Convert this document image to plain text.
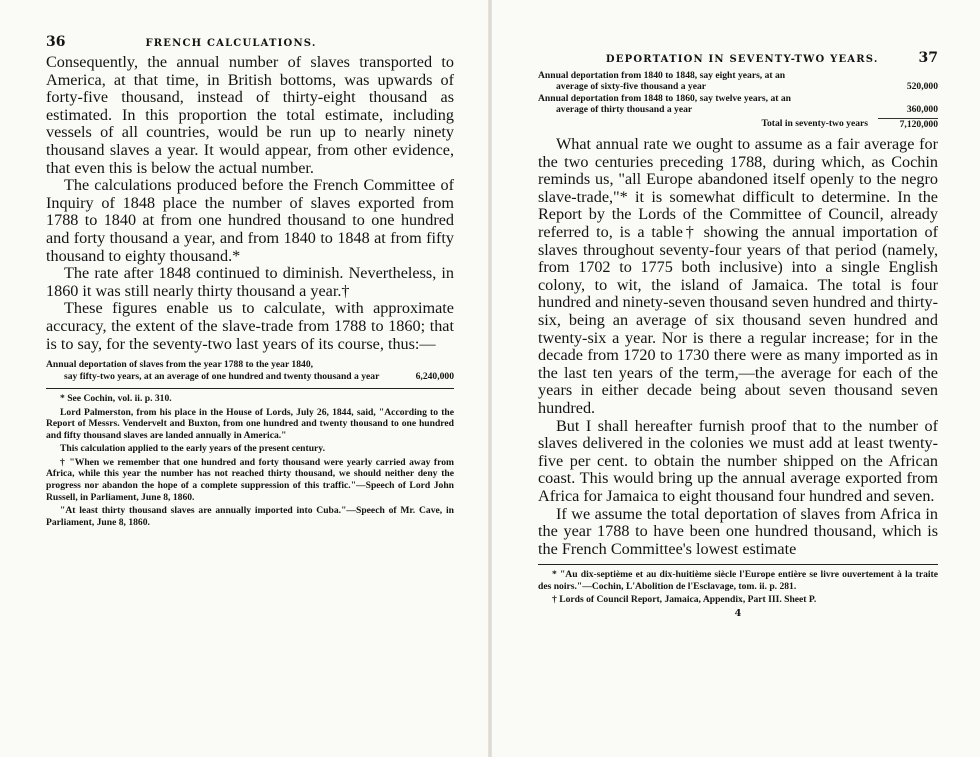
36	FRENCH CALCULATIONS.

Consequently, the annual number of slaves transported to America, at that time, in British bottoms, was upwards of forty-five thousand, instead of thirty-eight thousand as estimated. In this proportion the total estimate, including vessels of all countries, would be run up to nearly ninety thousand slaves a year. It would appear, from other evidence, that even this is below the actual number.

The calculations produced before the French Committee of Inquiry of 1848 place the number of slaves exported from 1788 to 1840 at from one hundred thousand to one hundred and forty thousand a year, and from 1840 to 1848 at from fifty thousand to eighty thousand.*

The rate after 1848 continued to diminish. Nevertheless, in 1860 it was still nearly thirty thousand a year.†

These figures enable us to calculate, with approximate accuracy, the extent of the slave-trade from 1788 to 1860; that is to say, for the seventy-two last years of its course, thus:—

Annual deportation of slaves from the year 1788 to the year 1840,
say fifty-two years, at an average of one hundred and twenty thousand a year	6,240,000

* See Cochin, vol. ii. p. 310.

Lord Palmerston, from his place in the House of Lords, July 26, 1844, said, "According to the Report of Messrs. Vendervelt and Buxton, from one hundred and twenty thousand to one hundred and fifty thousand slaves are landed annually in America."

This calculation applied to the early years of the present century.

† "When we remember that one hundred and forty thousand were yearly carried away from Africa, while this year the number has not reached thirty thousand, we should neither deny the progress nor abandon the hope of a complete suppression of this traffic."—Speech of Lord John Russell, in Parliament, June 8, 1860.

"At least thirty thousand slaves are annually imported into Cuba."—Speech of Mr. Cave, in Parliament, June 8, 1860.

DEPORTATION IN SEVENTY-TWO YEARS.	37
Annual deportation from 1840 to 1848, say eight years, at an
average of sixty-five thousand a year	520,000
Annual deportation from 1848 to 1860, say twelve years, at an
average of thirty thousand a year	360,000
Total in seventy-two years	7,120,000

What annual rate we ought to assume as a fair average for the two centuries preceding 1788, during which, as Cochin reminds us, "all Europe abandoned itself openly to the negro slave-trade,"* it is somewhat difficult to determine. In the Report by the Lords of the Committee of Council, already referred to, is a table† showing the annual importation of slaves throughout seventy-four years of that period (namely, from 1702 to 1775 both inclusive) into a single English colony, to wit, the island of Jamaica. The total is four hundred and ninety-seven thousand seven hundred and thirty-six, being an average of six thousand seven hundred and twenty-six a year. Nor is there a regular increase; for in the decade from 1720 to 1730 there were as many imported as in the last ten years of the term,—the average for each of the years in either decade being about seven thousand seven hundred.

But I shall hereafter furnish proof that to the number of slaves delivered in the colonies we must add at least twenty-five per cent. to obtain the number shipped on the African coast. This would bring up the annual average exported from Africa for Jamaica to eight thousand four hundred and seven.

If we assume the total deportation of slaves from Africa in the year 1788 to have been one hundred thousand, which is the French Committee's lowest estimate

* "Au dix-septième et au dix-huitième siècle l'Europe entière se livre ouvertement à la traite des noirs."—Cochin, L'Abolition de l'Esclavage, tom. ii. p. 281.

† Lords of Council Report, Jamaica, Appendix, Part III. Sheet P.

4
